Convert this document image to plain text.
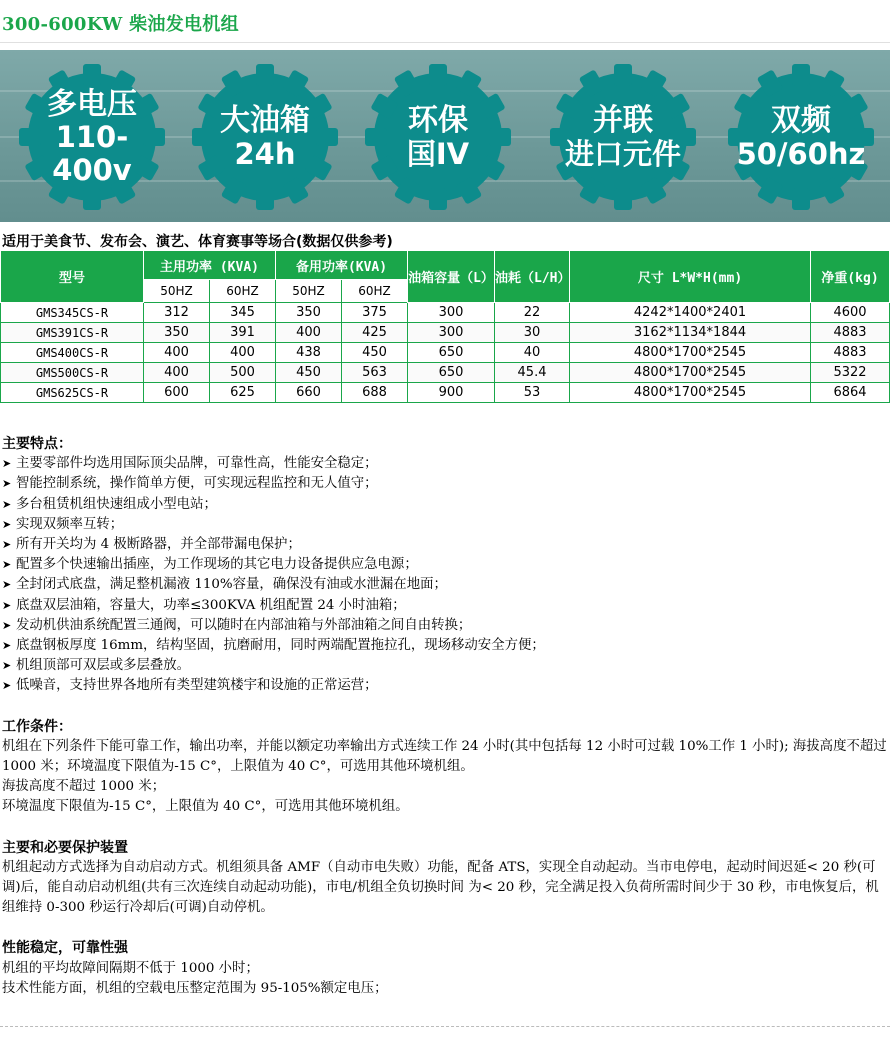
300-600KW 柴油发电机组
多电压
110-400v
大油箱
24h
环保
国IV
并联
进口元件
双频
50/60hz
适用于美食节、发布会、演艺、体育赛事等场合(数据仅供参考)
型号	主用功率 (KVA)		备用功率(KVA)		油箱容量（L）	油耗（L/H）	尺寸 L*W*H(mm)	净重(kg)
	50HZ	60HZ	50HZ	60HZ				
GMS345CS-R	312	345	350	375	300	22	4242*1400*2401	4600
GMS391CS-R	350	391	400	425	300	30	3162*1134*1844	4883
GMS400CS-R	400	400	438	450	650	40	4800*1700*2545	4883
GMS500CS-R	400	500	450	563	650	45.4	4800*1700*2545	5322
GMS625CS-R	600	625	660	688	900	53	4800*1700*2545	6864
主要特点：
➤ 主要零部件均选用国际顶尖品牌，可靠性高，性能安全稳定；
➤ 智能控制系统，操作简单方便，可实现远程监控和无人值守；
➤ 多台租赁机组快速组成小型电站；
➤ 实现双频率互转；
➤ 所有开关均为 4 极断路器，并全部带漏电保护；
➤ 配置多个快速输出插座，为工作现场的其它电力设备提供应急电源；
➤ 全封闭式底盘，满足整机漏液 110%容量，确保没有油或水泄漏在地面；
➤ 底盘双层油箱，容量大，功率≤300KVA 机组配置 24 小时油箱；
➤ 发动机供油系统配置三通阀，可以随时在内部油箱与外部油箱之间自由转换；
➤ 底盘钢板厚度 16mm，结构坚固，抗磨耐用，同时两端配置拖拉孔，现场移动安全方便；
➤ 机组顶部可双层或多层叠放。
➤ 低噪音，支持世界各地所有类型建筑楼宇和设施的正常运营；
工作条件：

机组在下列条件下能可靠工作，输出功率，并能以额定功率输出方式连续工作 24 小时(其中包括每 12 小时可过载 10%工作 1 小时); 海拔高度不超过 1000 米；环境温度下限值为-15 C°，上限值为 40 C°，可选用其他环境机组。

海拔高度不超过 1000 米；

环境温度下限值为-15 C°，上限值为 40 C°，可选用其他环境机组。

主要和必要保护装置

机组起动方式选择为自动启动方式。机组须具备 AMF（自动市电失败）功能，配备 ATS，实现全自动起动。当市电停电，起动时间迟延< 20 秒(可调)后，能自动启动机组(共有三次连续自动起动功能)，市电/机组全负切换时间 为< 20 秒，完全满足投入负荷所需时间少于 30 秒，市电恢复后，机组维持 0-300 秒运行冷却后(可调)自动停机。

性能稳定，可靠性强

机组的平均故障间隔期不低于 1000 小时；

技术性能方面，机组的空载电压整定范围为 95-105%额定电压；
